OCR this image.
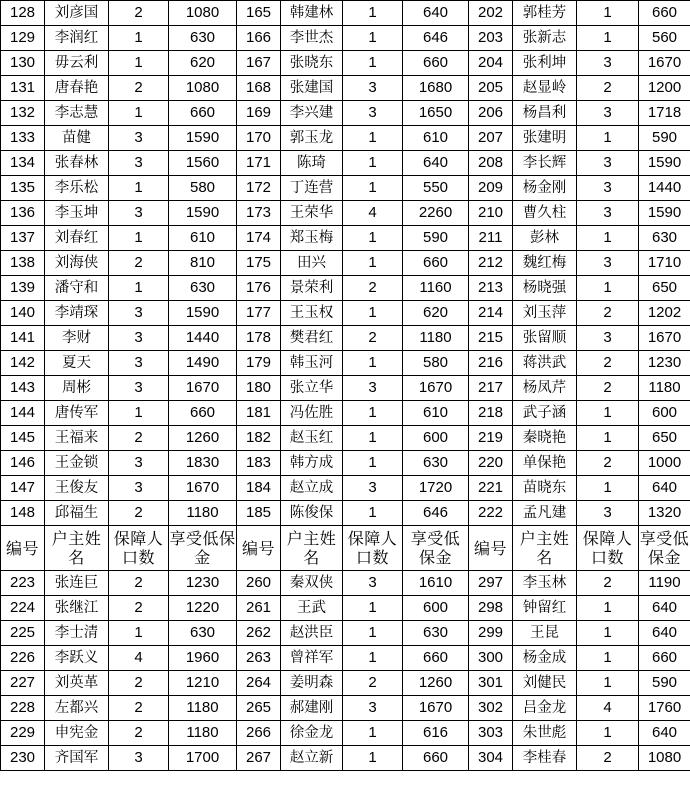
128	刘彦国	2	1080	165	韩建林	1	640	202	郭桂芳	1	660
129	李润红	1	630	166	李世杰	1	646	203	张新志	1	560
130	毋云利	1	620	167	张晓东	1	660	204	张利坤	3	1670
131	唐春艳	2	1080	168	张建国	3	1680	205	赵显岭	2	1200
132	李志慧	1	660	169	李兴建	3	1650	206	杨昌利	3	1718
133	苗健	3	1590	170	郭玉龙	1	610	207	张建明	1	590
134	张春林	3	1560	171	陈琦	1	640	208	李长辉	3	1590
135	李乐松	1	580	172	丁连营	1	550	209	杨金刚	3	1440
136	李玉坤	3	1590	173	王荣华	4	2260	210	曹久柱	3	1590
137	刘春红	1	610	174	郑玉梅	1	590	211	彭林	1	630
138	刘海侠	2	810	175	田兴	1	660	212	魏红梅	3	1710
139	潘守和	1	630	176	景荣利	2	1160	213	杨晓强	1	650
140	李靖琛	3	1590	177	王玉权	1	620	214	刘玉萍	2	1202
141	李财	3	1440	178	樊君红	2	1180	215	张留顺	3	1670
142	夏天	3	1490	179	韩玉河	1	580	216	蒋洪武	2	1230
143	周彬	3	1670	180	张立华	3	1670	217	杨凤芹	2	1180
144	唐传军	1	660	181	冯佐胜	1	610	218	武子涵	1	600
145	王福来	2	1260	182	赵玉红	1	600	219	秦晓艳	1	650
146	王金锁	3	1830	183	韩方成	1	630	220	单保艳	2	1000
147	王俊友	3	1670	184	赵立成	3	1720	221	苗晓东	1	640
148	邱福生	2	1180	185	陈俊保	1	646	222	孟凡建	3	1320
编号	户主姓名	保障人口数	享受低保金	编号	户主姓名	保障人口数	享受低保金	编号	户主姓名	保障人口数	享受低保金
223	张连巨	2	1230	260	秦双侠	3	1610	297	李玉林	2	1190
224	张继江	2	1220	261	王武	1	600	298	钟留红	1	640
225	李士清	1	630	262	赵洪臣	1	630	299	王昆	1	640
226	李跃义	4	1960	263	曾祥军	1	660	300	杨金成	1	660
227	刘英革	2	1210	264	姜明森	2	1260	301	刘健民	1	590
228	左都兴	2	1180	265	郝建刚	3	1670	302	吕金龙	4	1760
229	申宪金	2	1180	266	徐金龙	1	616	303	朱世彪	1	640
230	齐国军	3	1700	267	赵立新	1	660	304	李桂春	2	1080
